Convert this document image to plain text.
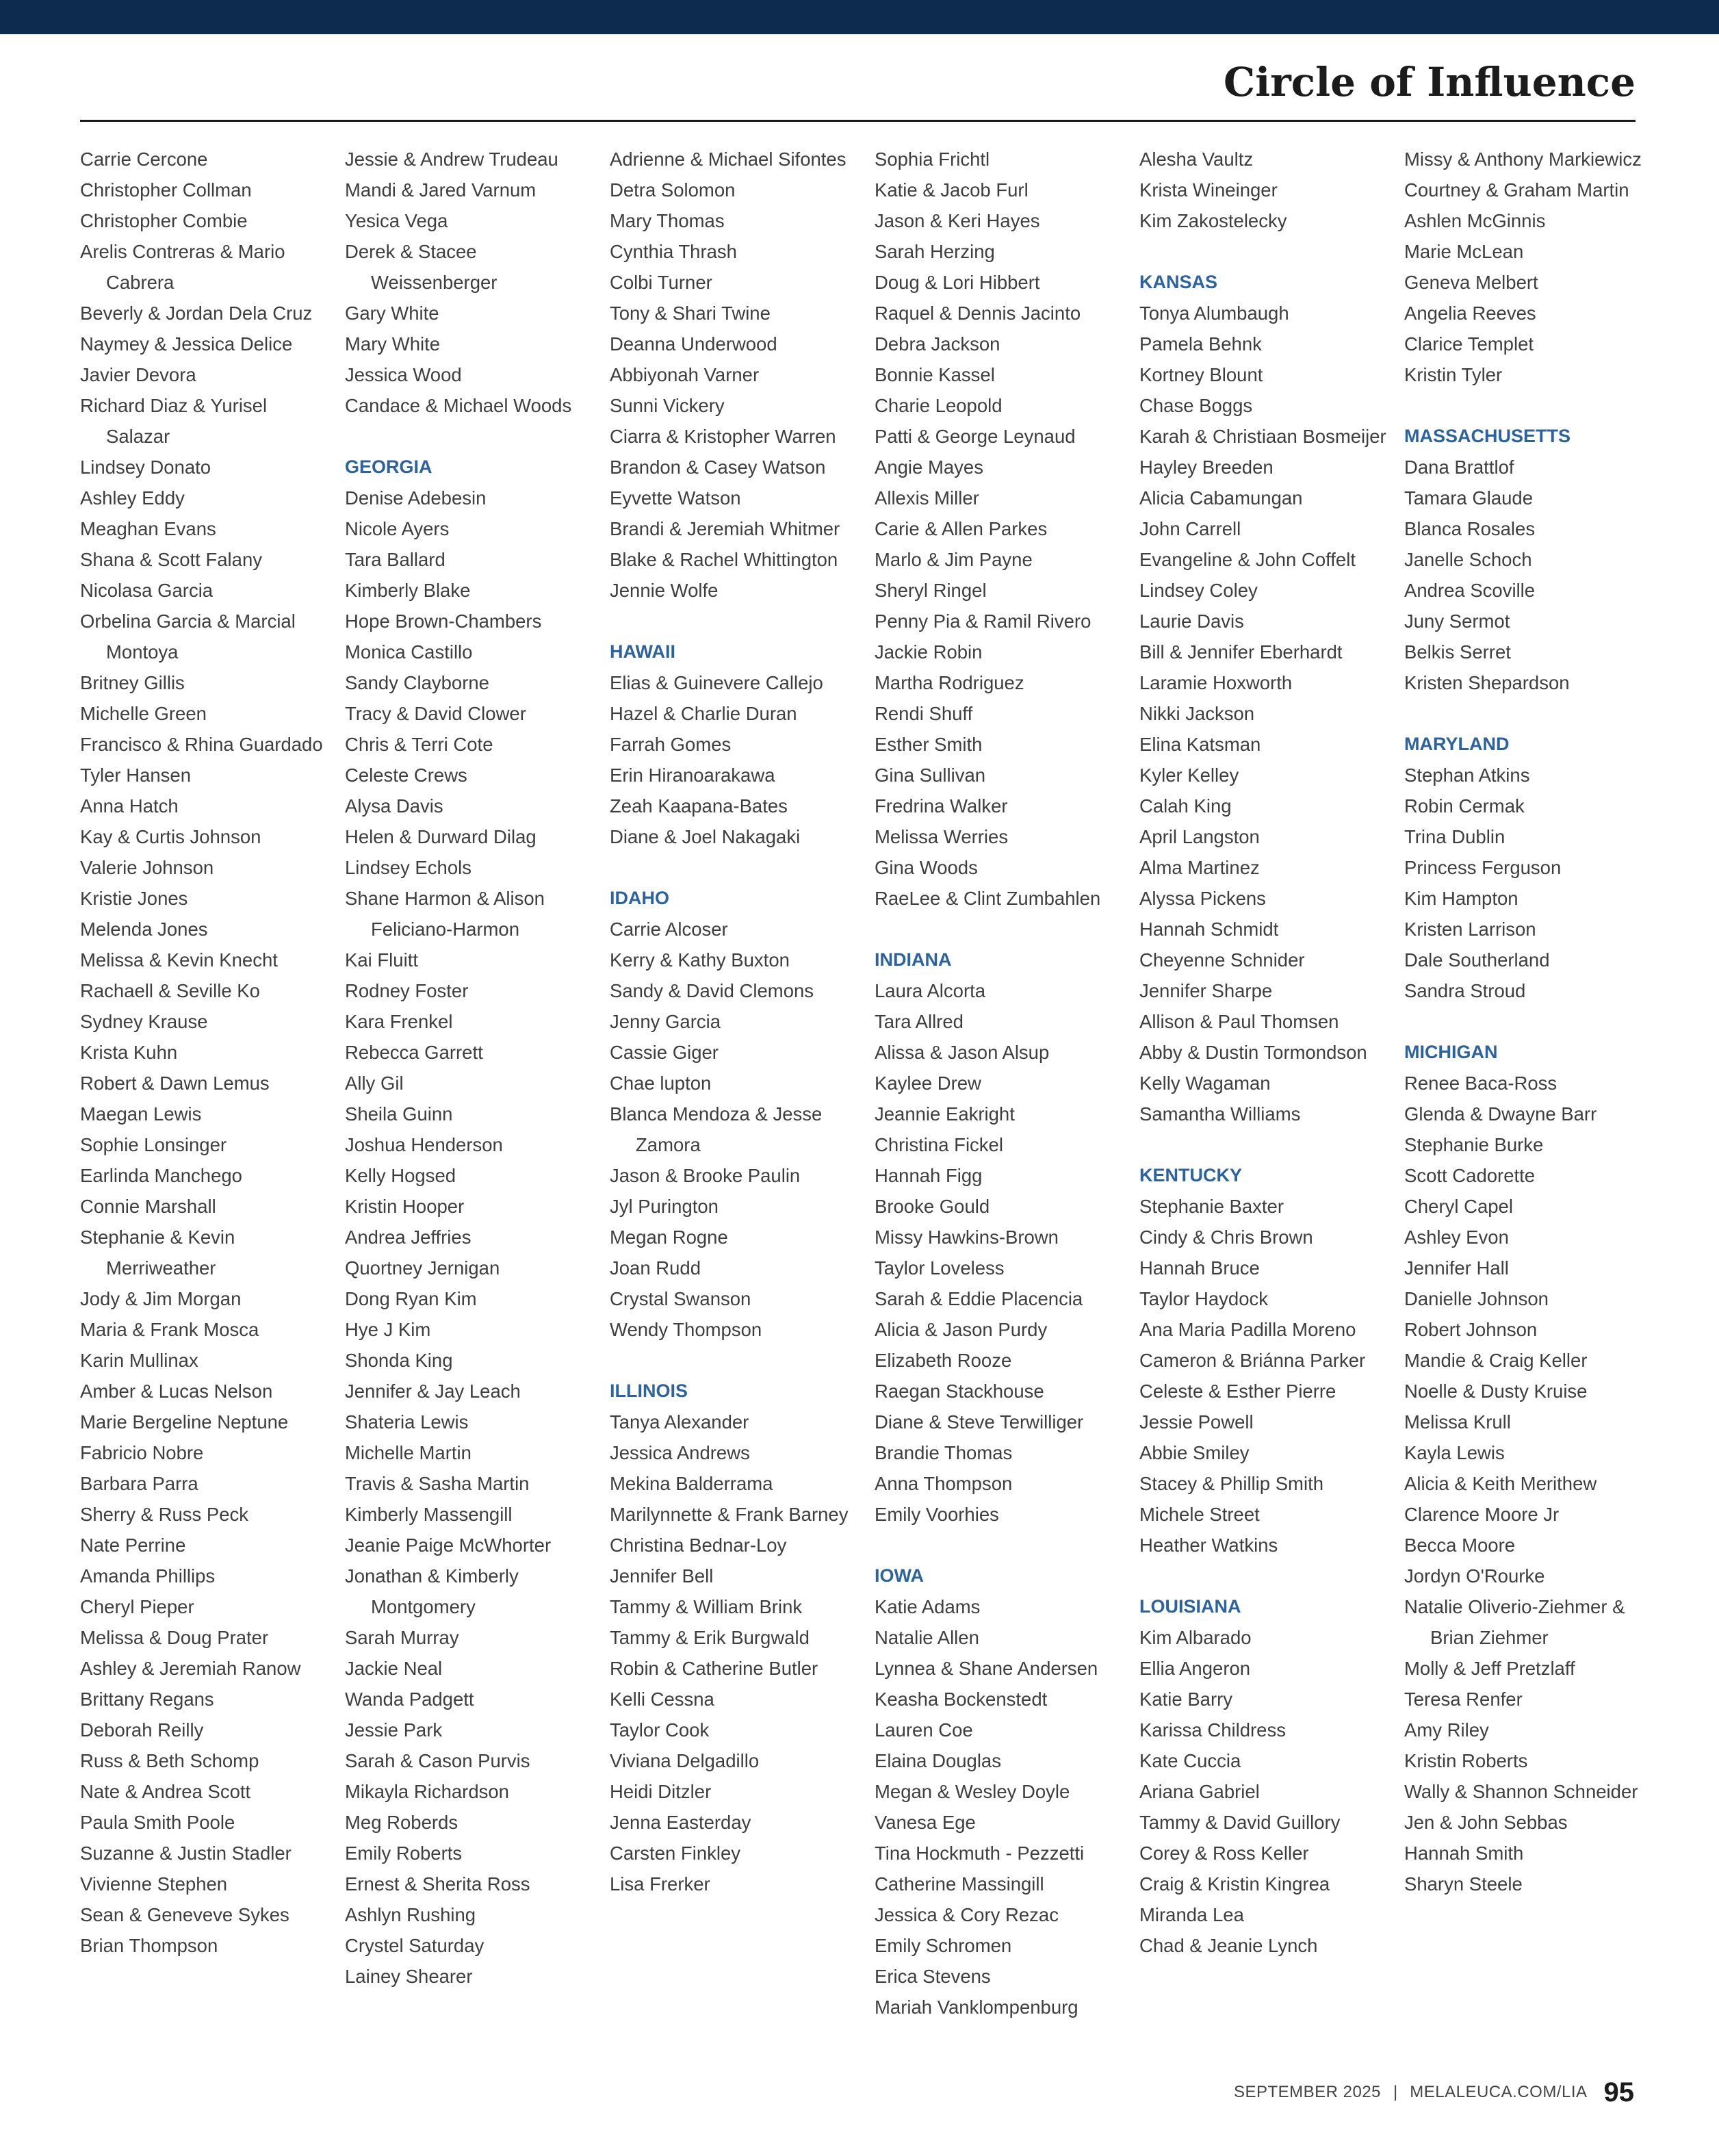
Circle of Influence
Carrie Cercone
Christopher Collman
Christopher Combie
Arelis Contreras & Mario Cabrera
Beverly & Jordan Dela Cruz
Naymey & Jessica Delice
Javier Devora
Richard Diaz & Yurisel Salazar
Lindsey Donato
Ashley Eddy
Meaghan Evans
Shana & Scott Falany
Nicolasa Garcia
Orbelina Garcia & Marcial Montoya
Britney Gillis
Michelle Green
Francisco & Rhina Guardado
Tyler Hansen
Anna Hatch
Kay & Curtis Johnson
Valerie Johnson
Kristie Jones
Melenda Jones
Melissa & Kevin Knecht
Rachaell & Seville Ko
Sydney Krause
Krista Kuhn
Robert & Dawn Lemus
Maegan Lewis
Sophie Lonsinger
Earlinda Manchego
Connie Marshall
Stephanie & Kevin Merriweather
Jody & Jim Morgan
Maria & Frank Mosca
Karin Mullinax
Amber & Lucas Nelson
Marie Bergeline Neptune
Fabricio Nobre
Barbara Parra
Sherry & Russ Peck
Nate Perrine
Amanda Phillips
Cheryl Pieper
Melissa & Doug Prater
Ashley & Jeremiah Ranow
Brittany Regans
Deborah Reilly
Russ & Beth Schomp
Nate & Andrea Scott
Paula Smith Poole
Suzanne & Justin Stadler
Vivienne Stephen
Sean & Geneveve Sykes
Brian Thompson
Jessie & Andrew Trudeau
Mandi & Jared Varnum
Yesica Vega
Derek & Stacee Weissenberger
Gary White
Mary White
Jessica Wood
Candace & Michael Woods
GEORGIA
Denise Adebesin
Nicole Ayers
Tara Ballard
Kimberly Blake
Hope Brown-Chambers
Monica Castillo
Sandy Clayborne
Tracy & David Clower
Chris & Terri Cote
Celeste Crews
Alysa Davis
Helen & Durward Dilag
Lindsey Echols
Shane Harmon & Alison Feliciano-Harmon
Kai Fluitt
Rodney Foster
Kara Frenkel
Rebecca Garrett
Ally Gil
Sheila Guinn
Joshua Henderson
Kelly Hogsed
Kristin Hooper
Andrea Jeffries
Quortney Jernigan
Dong Ryan Kim
Hye J Kim
Shonda King
Jennifer & Jay Leach
Shateria Lewis
Michelle Martin
Travis & Sasha Martin
Kimberly Massengill
Jeanie Paige McWhorter
Jonathan & Kimberly Montgomery
Sarah Murray
Jackie Neal
Wanda Padgett
Jessie Park
Sarah & Cason Purvis
Mikayla Richardson
Meg Roberds
Emily Roberts
Ernest & Sherita Ross
Ashlyn Rushing
Crystel Saturday
Lainey Shearer
Adrienne & Michael Sifontes
Detra Solomon
Mary Thomas
Cynthia Thrash
Colbi Turner
Tony & Shari Twine
Deanna Underwood
Abbiyonah Varner
Sunni Vickery
Ciarra & Kristopher Warren
Brandon & Casey Watson
Eyvette Watson
Brandi & Jeremiah Whitmer
Blake & Rachel Whittington
Jennie Wolfe
HAWAII
Elias & Guinevere Callejo
Hazel & Charlie Duran
Farrah Gomes
Erin Hiranoarakawa
Zeah Kaapana-Bates
Diane & Joel Nakagaki
IDAHO
Carrie Alcoser
Kerry & Kathy Buxton
Sandy & David Clemons
Jenny Garcia
Cassie Giger
Chae lupton
Blanca Mendoza & Jesse Zamora
Jason & Brooke Paulin
Jyl Purington
Megan Rogne
Joan Rudd
Crystal Swanson
Wendy Thompson
ILLINOIS
Tanya Alexander
Jessica Andrews
Mekina Balderrama
Marilynnette & Frank Barney
Christina Bednar-Loy
Jennifer Bell
Tammy & William Brink
Tammy & Erik Burgwald
Robin & Catherine Butler
Kelli Cessna
Taylor Cook
Viviana Delgadillo
Heidi Ditzler
Jenna Easterday
Carsten Finkley
Lisa Frerker
Sophia Frichtl
Katie & Jacob Furl
Jason & Keri Hayes
Sarah Herzing
Doug & Lori Hibbert
Raquel & Dennis Jacinto
Debra Jackson
Bonnie Kassel
Charie Leopold
Patti & George Leynaud
Angie Mayes
Allexis Miller
Carie & Allen Parkes
Marlo & Jim Payne
Sheryl Ringel
Penny Pia & Ramil Rivero
Jackie Robin
Martha Rodriguez
Rendi Shuff
Esther Smith
Gina Sullivan
Fredrina Walker
Melissa Werries
Gina Woods
RaeLee & Clint Zumbahlen
INDIANA
Laura Alcorta
Tara Allred
Alissa & Jason Alsup
Kaylee Drew
Jeannie Eakright
Christina Fickel
Hannah Figg
Brooke Gould
Missy Hawkins-Brown
Taylor Loveless
Sarah & Eddie Placencia
Alicia & Jason Purdy
Elizabeth Rooze
Raegan Stackhouse
Diane & Steve Terwilliger
Brandie Thomas
Anna Thompson
Emily Voorhies
IOWA
Katie Adams
Natalie Allen
Lynnea & Shane Andersen
Keasha Bockenstedt
Lauren Coe
Elaina Douglas
Megan & Wesley Doyle
Vanesa Ege
Tina Hockmuth - Pezzetti
Catherine Massingill
Jessica & Cory Rezac
Emily Schromen
Erica Stevens
Mariah Vanklompenburg
Alesha Vaultz
Krista Wineinger
Kim Zakostelecky
KANSAS
Tonya Alumbaugh
Pamela Behnk
Kortney Blount
Chase Boggs
Karah & Christiaan Bosmeijer
Hayley Breeden
Alicia Cabamungan
John Carrell
Evangeline & John Coffelt
Lindsey Coley
Laurie Davis
Bill & Jennifer Eberhardt
Laramie Hoxworth
Nikki Jackson
Elina Katsman
Kyler Kelley
Calah King
April Langston
Alma Martinez
Alyssa Pickens
Hannah Schmidt
Cheyenne Schnider
Jennifer Sharpe
Allison & Paul Thomsen
Abby & Dustin Tormondson
Kelly Wagaman
Samantha Williams
KENTUCKY
Stephanie Baxter
Cindy & Chris Brown
Hannah Bruce
Taylor Haydock
Ana Maria Padilla Moreno
Cameron & Briánna Parker
Celeste & Esther Pierre
Jessie Powell
Abbie Smiley
Stacey & Phillip Smith
Michele Street
Heather Watkins
LOUISIANA
Kim Albarado
Ellia Angeron
Katie Barry
Karissa Childress
Kate Cuccia
Ariana Gabriel
Tammy & David Guillory
Corey & Ross Keller
Craig & Kristin Kingrea
Miranda Lea
Chad & Jeanie Lynch
Missy & Anthony Markiewicz
Courtney & Graham Martin
Ashlen McGinnis
Marie McLean
Geneva Melbert
Angelia Reeves
Clarice Templet
Kristin Tyler
MASSACHUSETTS
Dana Brattlof
Tamara Glaude
Blanca Rosales
Janelle Schoch
Andrea Scoville
Juny Sermot
Belkis Serret
Kristen Shepardson
MARYLAND
Stephan Atkins
Robin Cermak
Trina Dublin
Princess Ferguson
Kim Hampton
Kristen Larrison
Dale Southerland
Sandra Stroud
MICHIGAN
Renee Baca-Ross
Glenda & Dwayne Barr
Stephanie Burke
Scott Cadorette
Cheryl Capel
Ashley Evon
Jennifer Hall
Danielle Johnson
Robert Johnson
Mandie & Craig Keller
Noelle & Dusty Kruise
Melissa Krull
Kayla Lewis
Alicia & Keith Merithew
Clarence Moore Jr
Becca Moore
Jordyn O'Rourke
Natalie Oliverio-Ziehmer & Brian Ziehmer
Molly & Jeff Pretzlaff
Teresa Renfer
Amy Riley
Kristin Roberts
Wally & Shannon Schneider
Jen & John Sebbas
Hannah Smith
Sharyn Steele
SEPTEMBER 2025 | MELALEUCA.COM/LIA 95
